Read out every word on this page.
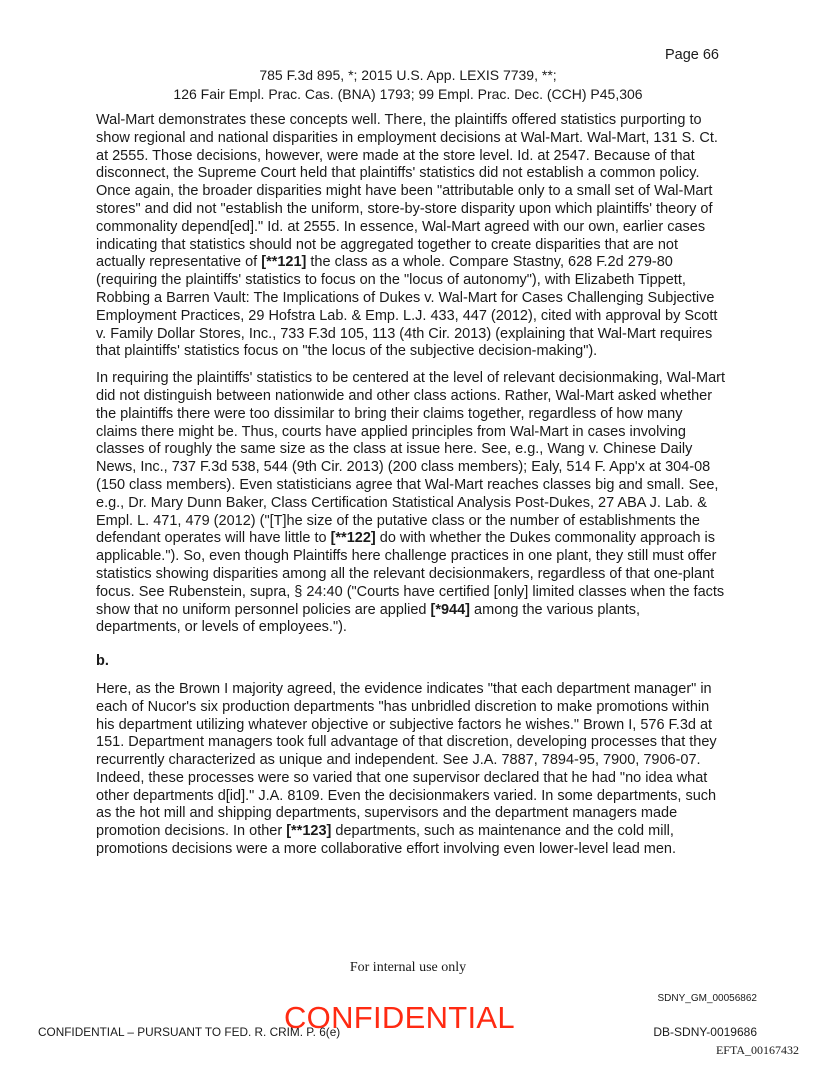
Page 66
785 F.3d 895, *; 2015 U.S. App. LEXIS 7739, **;
126 Fair Empl. Prac. Cas. (BNA) 1793; 99 Empl. Prac. Dec. (CCH) P45,306

Wal-Mart demonstrates these concepts well. There, the plaintiffs offered statistics purporting to show regional and national disparities in employment decisions at Wal-Mart. Wal-Mart, 131 S. Ct. at 2555. Those decisions, however, were made at the store level. Id. at 2547. Because of that disconnect, the Supreme Court held that plaintiffs' statistics did not establish a common policy. Once again, the broader disparities might have been "attributable only to a small set of Wal-Mart stores" and did not "establish the uniform, store-by-store disparity upon which plaintiffs' theory of commonality depend[ed]." Id. at 2555. In essence, Wal-Mart agreed with our own, earlier cases indicating that statistics should not be aggregated together to create disparities that are not actually representative of [**121] the class as a whole. Compare Stastny, 628 F.2d 279-80 (requiring the plaintiffs' statistics to focus on the "locus of autonomy"), with Elizabeth Tippett, Robbing a Barren Vault: The Implications of Dukes v. Wal-Mart for Cases Challenging Subjective Employment Practices, 29 Hofstra Lab. & Emp. L.J. 433, 447 (2012), cited with approval by Scott v. Family Dollar Stores, Inc., 733 F.3d 105, 113 (4th Cir. 2013) (explaining that Wal-Mart requires that plaintiffs' statistics focus on "the locus of the subjective decision-making").

In requiring the plaintiffs' statistics to be centered at the level of relevant decisionmaking, Wal-Mart did not distinguish between nationwide and other class actions. Rather, Wal-Mart asked whether the plaintiffs there were too dissimilar to bring their claims together, regardless of how many claims there might be. Thus, courts have applied principles from Wal-Mart in cases involving classes of roughly the same size as the class at issue here. See, e.g., Wang v. Chinese Daily News, Inc., 737 F.3d 538, 544 (9th Cir. 2013) (200 class members); Ealy, 514 F. App'x at 304-08 (150 class members). Even statisticians agree that Wal-Mart reaches classes big and small. See, e.g., Dr. Mary Dunn Baker, Class Certification Statistical Analysis Post-Dukes, 27 ABA J. Lab. & Empl. L. 471, 479 (2012) ("[T]he size of the putative class or the number of establishments the defendant operates will have little to [**122] do with whether the Dukes commonality approach is applicable."). So, even though Plaintiffs here challenge practices in one plant, they still must offer statistics showing disparities among all the relevant decisionmakers, regardless of that one-plant focus. See Rubenstein, supra, § 24:40 ("Courts have certified [only] limited classes when the facts show that no uniform personnel policies are applied [*944] among the various plants, departments, or levels of employees.").

b.

Here, as the Brown I majority agreed, the evidence indicates "that each department manager" in each of Nucor's six production departments "has unbridled discretion to make promotions within his department utilizing whatever objective or subjective factors he wishes." Brown I, 576 F.3d at 151. Department managers took full advantage of that discretion, developing processes that they recurrently characterized as unique and independent. See J.A. 7887, 7894-95, 7900, 7906-07. Indeed, these processes were so varied that one supervisor declared that he had "no idea what other departments d[id]." J.A. 8109. Even the decisionmakers varied. In some departments, such as the hot mill and shipping departments, supervisors and the department managers made promotion decisions. In other [**123] departments, such as maintenance and the cold mill, promotions decisions were a more collaborative effort involving even lower-level lead men.

For internal use only
SDNY_GM_00056862
CONFIDENTIAL – PURSUANT TO FED. R. CRIM. P. 6(e)
CONFIDENTIAL	DB-SDNY-0019686
EFTA_00167432
